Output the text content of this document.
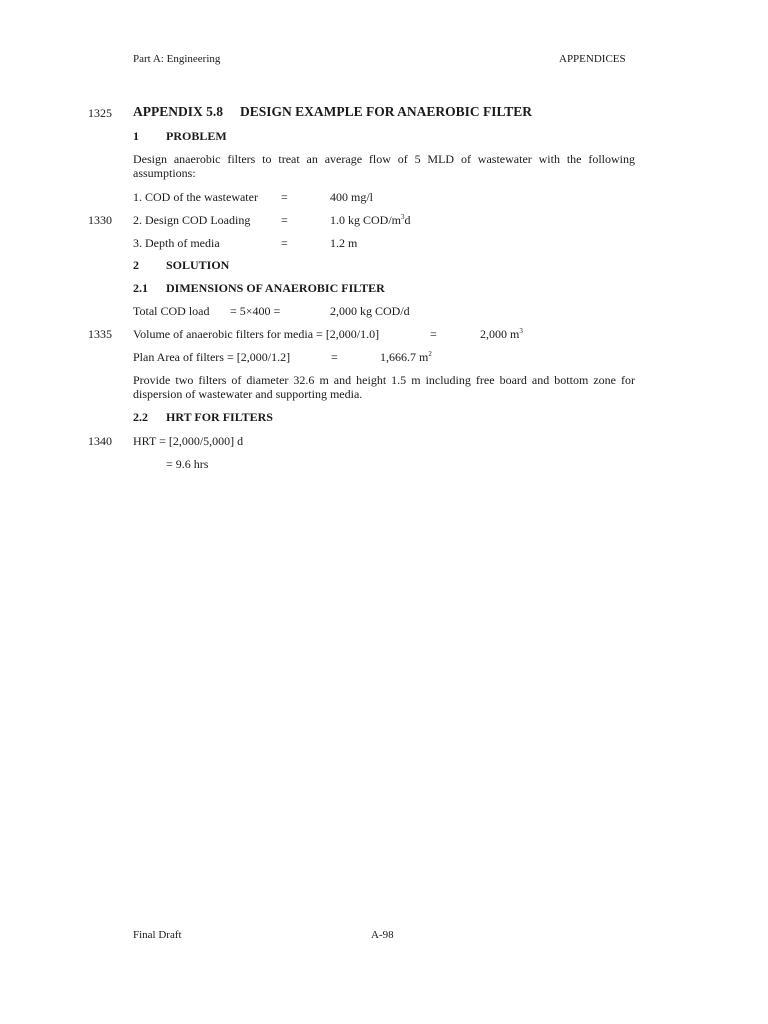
Part A: Engineering	APPENDICES
1325
1330
1335
1340
APPENDIX 5.8 DESIGN EXAMPLE FOR ANAEROBIC FILTER
1 PROBLEM
Design anaerobic filters to treat an average flow of 5 MLD of wastewater with the following assumptions:
1. COD of the wastewater =	400 mg/l
2. Design COD Loading	=	1.0 kg COD/$m^3d$
3. Depth of media	=	1.2 m
2 SOLUTION
2.1 DIMENSIONS OF ANAEROBIC FILTER
Total COD load = 5×400 =	2,000 kg COD/d
Volume of anaerobic filters for media = [2,000/1.0]	=	2,000 $m^3$
Plan Area of filters = [2,000/1.2]	=	1,666.7 $m^2$
Provide two filters of diameter 32.6 m and height 1.5 m including free board and bottom zone for dispersion of wastewater and supporting media.
2.2 HRT FOR FILTERS
HRT = [2,000/5,000] d
= 9.6 hrs
Final Draft	A-98
